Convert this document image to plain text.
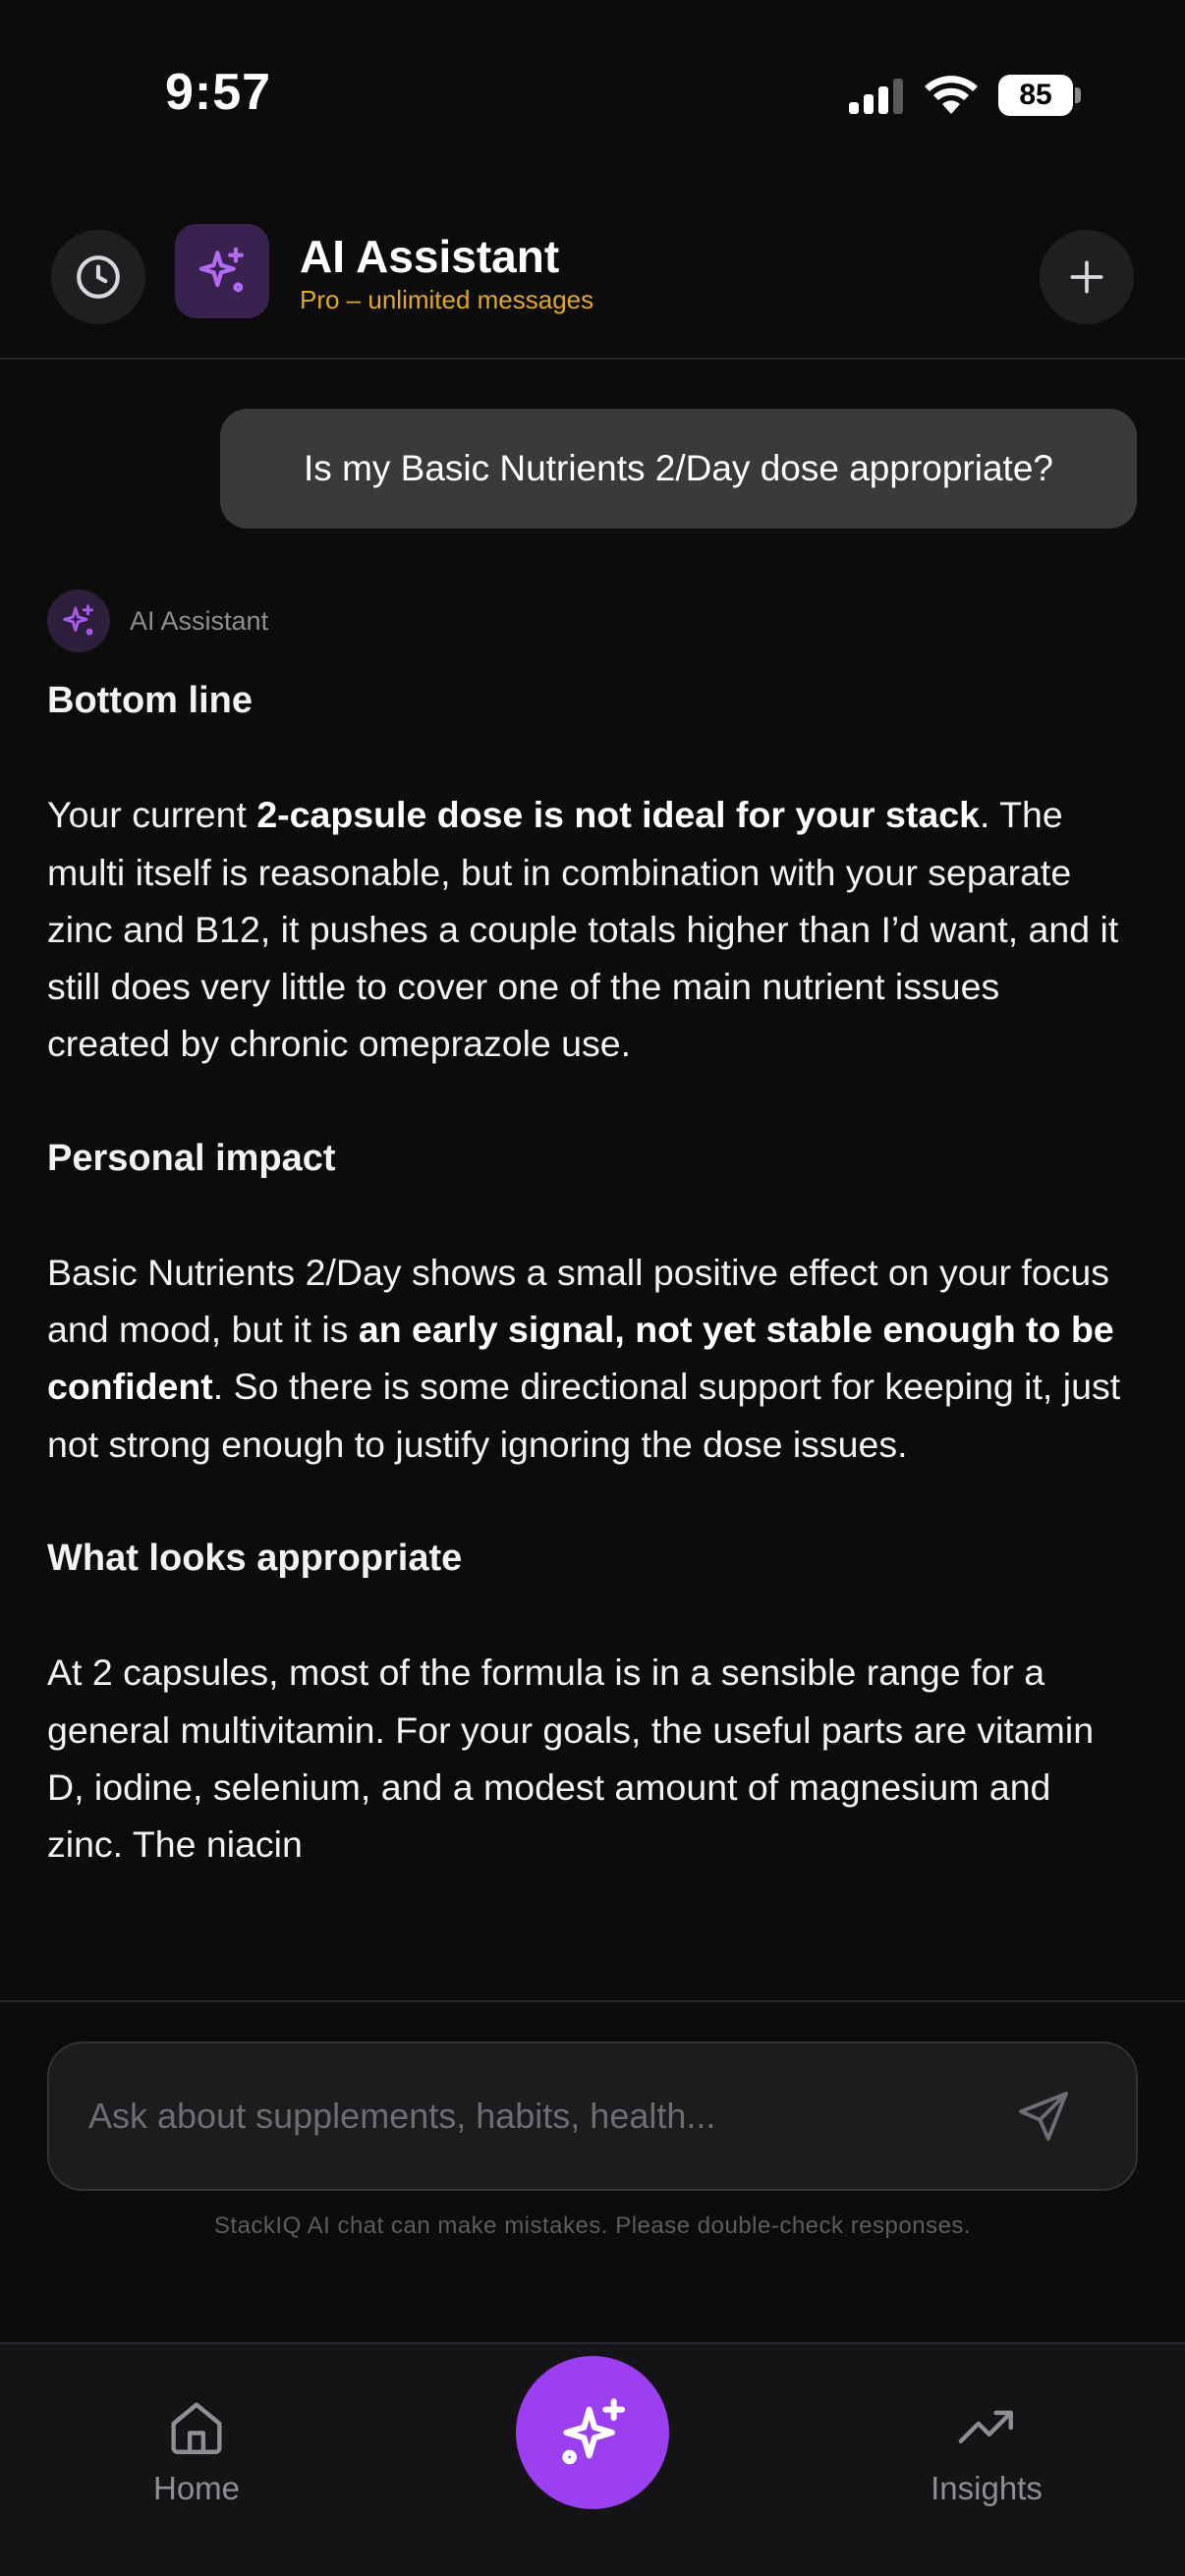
9:57	85
AI Assistant
Pro – unlimited messages
Is my Basic Nutrients 2/Day dose appropriate?
AI Assistant
Bottom line

Your current 2-capsule dose is not ideal for your stack. The multi itself is reasonable, but in combination with your separate zinc and B12, it pushes a couple totals higher than I’d want, and it still does very little to cover one of the main nutrient issues created by chronic omeprazole use.

Personal impact

Basic Nutrients 2/Day shows a small positive effect on your focus and mood, but it is an early signal, not yet stable enough to be confident. So there is some directional support for keeping it, just not strong enough to justify ignoring the dose issues.

What looks appropriate

At 2 capsules, most of the formula is in a sensible range for a general multivitamin. For your goals, the useful parts are vitamin D, iodine, selenium, and a modest amount of magnesium and zinc. The niacin

Ask about supplements, habits, health...
StackIQ AI chat can make mistakes. Please double-check responses.
Home	Insights
